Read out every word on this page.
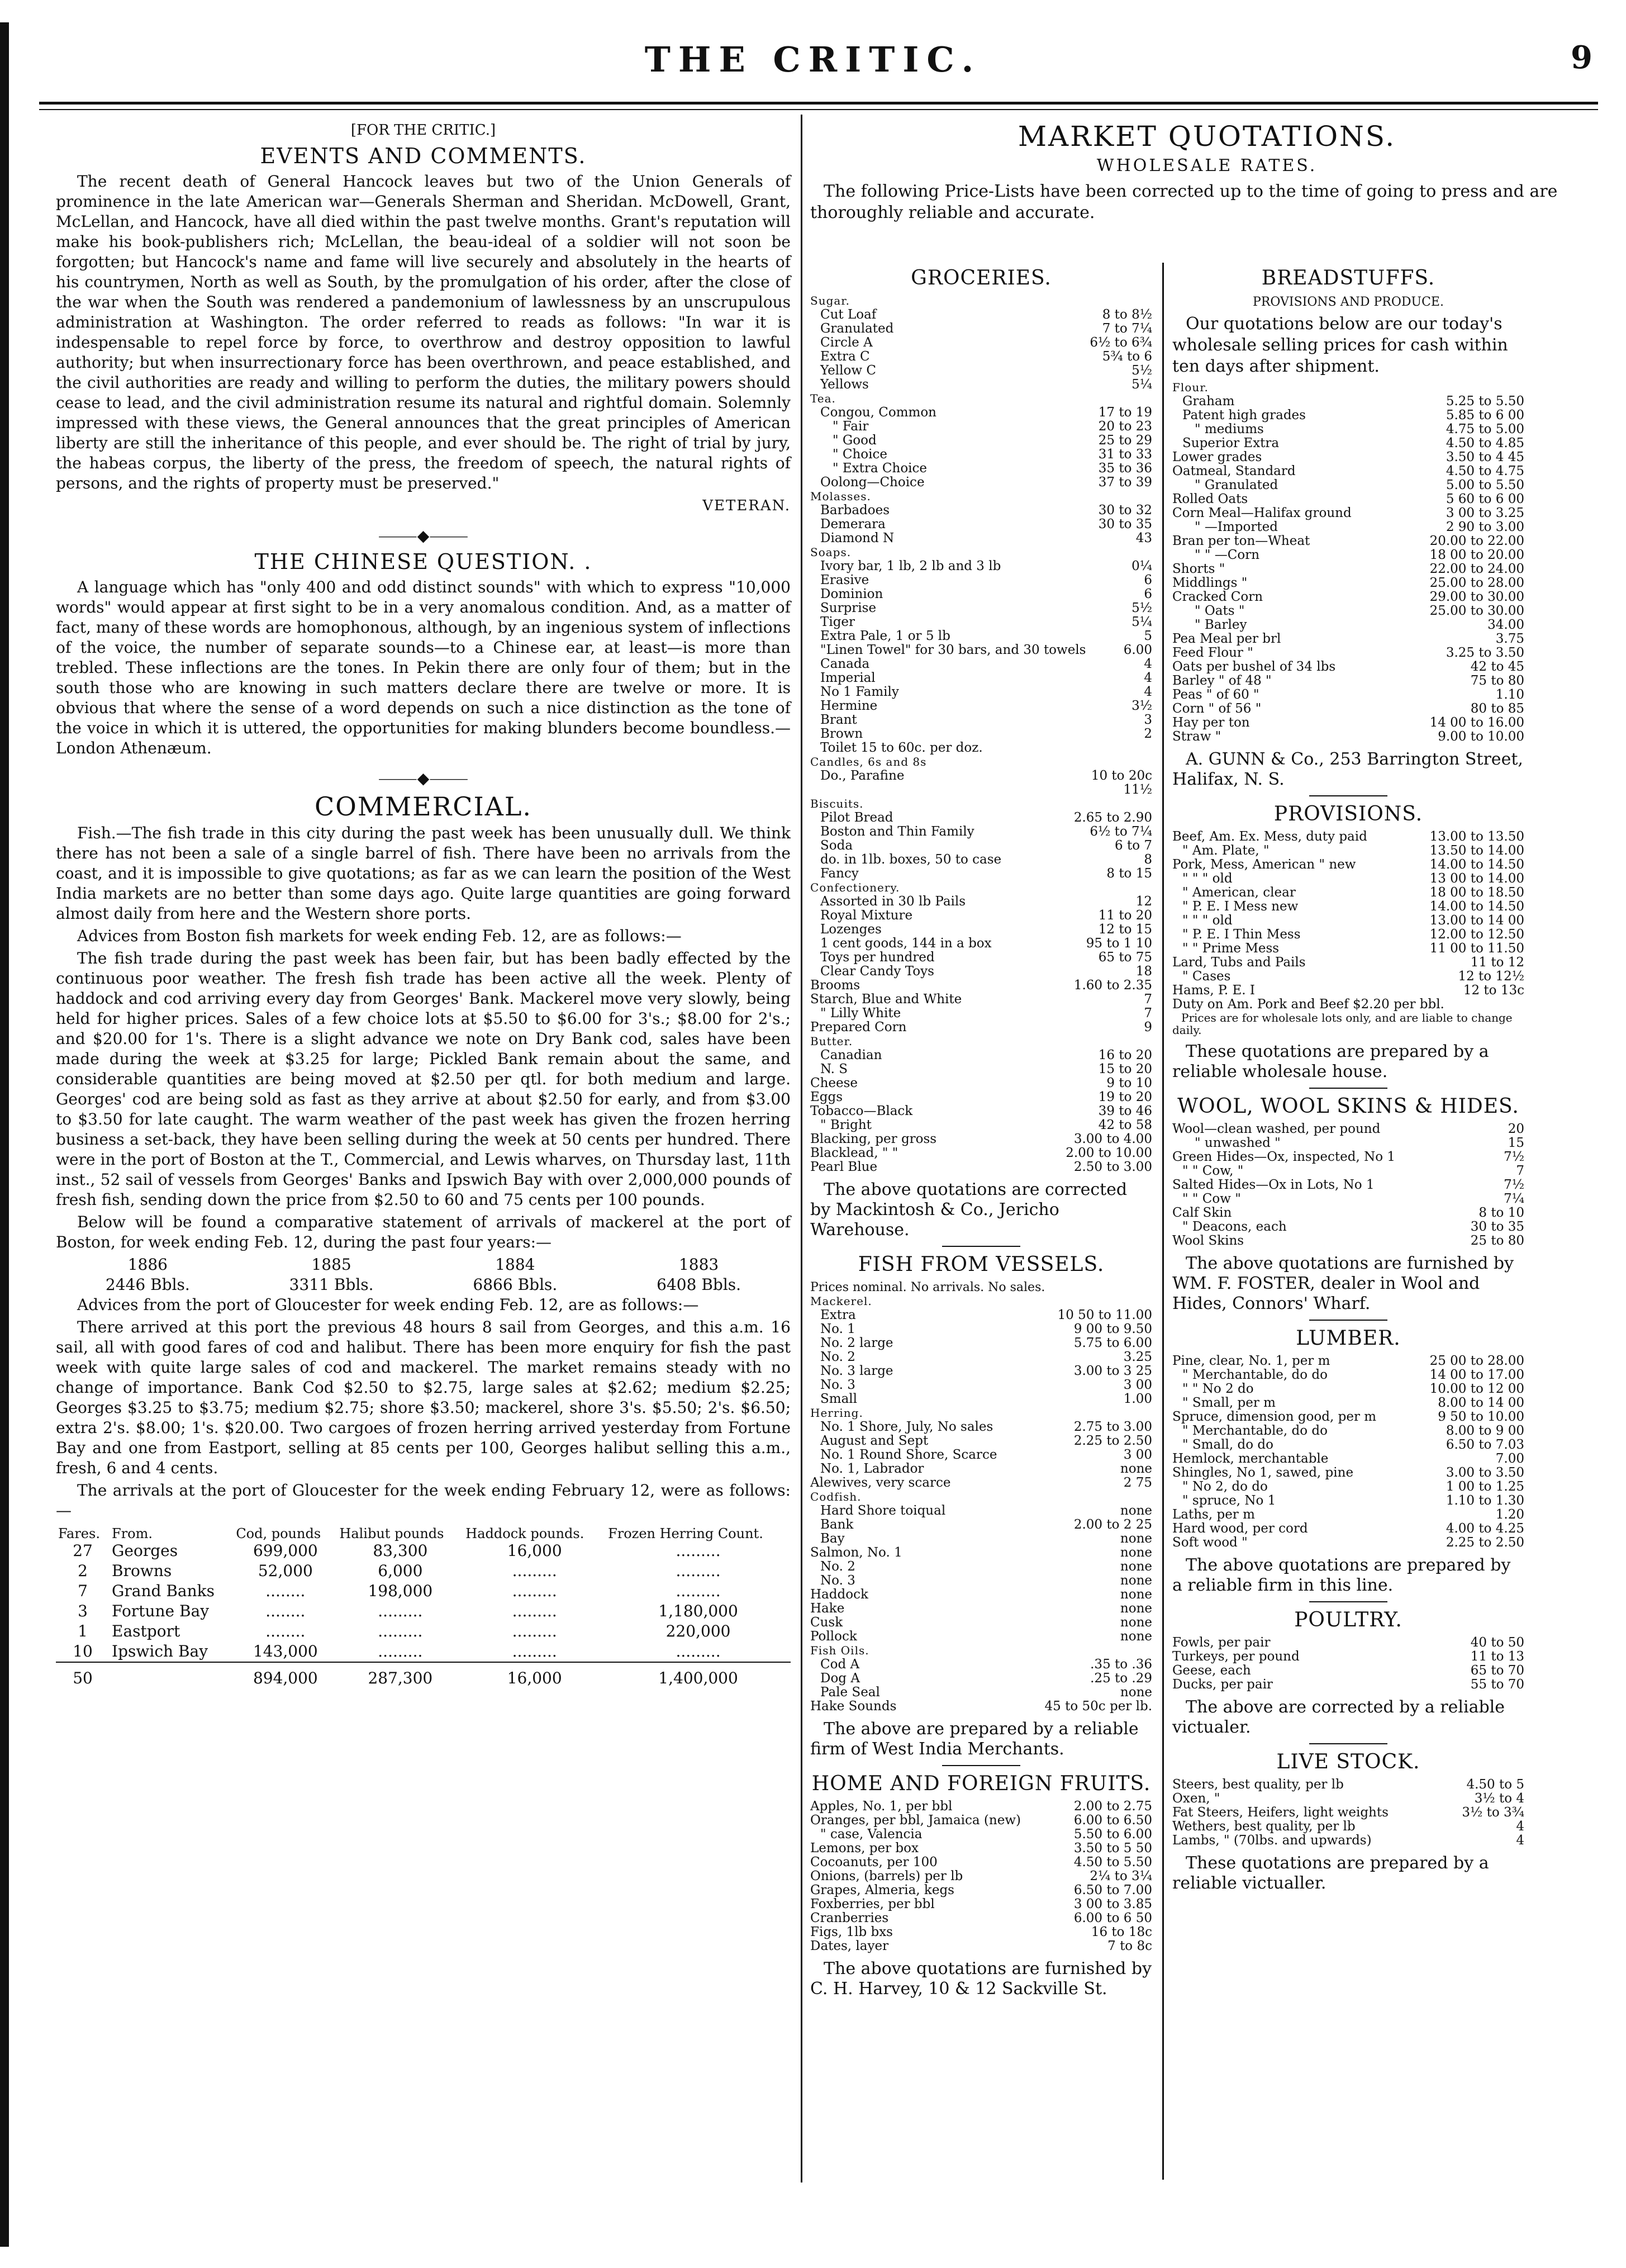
THE CRITIC.	9
[FOR THE CRITIC.]
EVENTS AND COMMENTS.

The recent death of General Hancock leaves but two of the Union Generals of prominence in the late American war—Generals Sherman and Sheridan. McDowell, Grant, McLellan, and Hancock, have all died within the past twelve months. Grant's reputation will make his book-publishers rich; McLellan, the beau-ideal of a soldier will not soon be forgotten; but Hancock's name and fame will live securely and absolutely in the hearts of his countrymen, North as well as South, by the promulgation of his order, after the close of the war when the South was rendered a pandemonium of lawlessness by an unscrupulous administration at Washington. The order referred to reads as follows: "In war it is indespensable to repel force by force, to overthrow and destroy opposition to lawful authority; but when insurrectionary force has been overthrown, and peace established, and the civil authorities are ready and willing to perform the duties, the military powers should cease to lead, and the civil administration resume its natural and rightful domain. Solemnly impressed with these views, the General announces that the great principles of American liberty are still the inheritance of this people, and ever should be. The right of trial by jury, the habeas corpus, the liberty of the press, the freedom of speech, the natural rights of persons, and the rights of property must be preserved."

VETERAN.
⸻◆⸻
THE CHINESE QUESTION. .

A language which has "only 400 and odd distinct sounds" with which to express "10,000 words" would appear at first sight to be in a very anomalous condition. And, as a matter of fact, many of these words are homophonous, although, by an ingenious system of inflections of the voice, the number of separate sounds—to a Chinese ear, at least—is more than trebled. These inflections are the tones. In Pekin there are only four of them; but in the south those who are knowing in such matters declare there are twelve or more. It is obvious that where the sense of a word depends on such a nice distinction as the tone of the voice in which it is uttered, the opportunities for making blunders become boundless.—London Athenæum.

⸻◆⸻
COMMERCIAL.

Fish.—The fish trade in this city during the past week has been unusually dull. We think there has not been a sale of a single barrel of fish. There have been no arrivals from the coast, and it is impossible to give quotations; as far as we can learn the position of the West India markets are no better than some days ago. Quite large quantities are going forward almost daily from here and the Western shore ports.

Advices from Boston fish markets for week ending Feb. 12, are as follows:—

The fish trade during the past week has been fair, but has been badly effected by the continuous poor weather. The fresh fish trade has been active all the week. Plenty of haddock and cod arriving every day from Georges' Bank. Mackerel move very slowly, being held for higher prices. Sales of a few choice lots at $5.50 to $6.00 for 3's.; $8.00 for 2's.; and $20.00 for 1's. There is a slight advance we note on Dry Bank cod, sales have been made during the week at $3.25 for large; Pickled Bank remain about the same, and considerable quantities are being moved at $2.50 per qtl. for both medium and large. Georges' cod are being sold as fast as they arrive at about $2.50 for early, and from $3.00 to $3.50 for late caught. The warm weather of the past week has given the frozen herring business a set-back, they have been selling during the week at 50 cents per hundred. There were in the port of Boston at the T., Commercial, and Lewis wharves, on Thursday last, 11th inst., 52 sail of vessels from Georges' Banks and Ipswich Bay with over 2,000,000 pounds of fresh fish, sending down the price from $2.50 to 60 and 75 cents per 100 pounds.

Below will be found a comparative statement of arrivals of mackerel at the port of Boston, for week ending Feb. 12, during the past four years:—

1886	1885	1884	1883
2446 Bbls.	3311 Bbls.	6866 Bbls.	6408 Bbls.

Advices from the port of Gloucester for week ending Feb. 12, are as follows:—

There arrived at this port the previous 48 hours 8 sail from Georges, and this a.m. 16 sail, all with good fares of cod and halibut. There has been more enquiry for fish the past week with quite large sales of cod and mackerel. The market remains steady with no change of importance. Bank Cod $2.50 to $2.75, large sales at $2.62; medium $2.25; Georges $3.25 to $3.75; medium $2.75; shore $3.50; mackerel, shore 3's. $5.50; 2's. $6.50; extra 2's. $8.00; 1's. $20.00. Two cargoes of frozen herring arrived yesterday from Fortune Bay and one from Eastport, selling at 85 cents per 100, Georges halibut selling this a.m., fresh, 6 and 4 cents.

The arrivals at the port of Gloucester for the week ending February 12, were as follows:—

Fares.	From.	Cod, pounds	Halibut pounds	Haddock pounds.	Frozen Herring Count.
27	Georges	699,000	83,300	16,000	.........
2	Browns	52,000	6,000	.........	.........
7	Grand Banks	........	198,000	.........	.........
3	Fortune Bay	........	.........	.........	1,180,000
1	Eastport	........	.........	.........	220,000
10	Ipswich Bay	143,000	.........	.........	.........
50		894,000	287,300	16,000	1,400,000
MARKET QUOTATIONS.
WHOLESALE RATES.
The following Price-Lists have been corrected up to the time of going to press and are thoroughly reliable and accurate.
GROCERIES.
Sugar.
Cut Loaf	8 to 8½
Granulated	7 to 7¼
Circle A	6½ to 6¾
Extra C	5¾ to 6
Yellow C	5½
Yellows	5¼
Tea.
Congou, Common	17 to 19
" Fair	20 to 23
" Good	25 to 29
" Choice	31 to 33
" Extra Choice	35 to 36
Oolong—Choice	37 to 39
Molasses.
Barbadoes	30 to 32
Demerara	30 to 35
Diamond N	43
Soaps.
Ivory bar, 1 lb, 2 lb and 3 lb	0¼
Erasive	6
Dominion	6
Surprise	5½
Tiger	5¼
Extra Pale, 1 or 5 lb	5
"Linen Towel" for 30 bars, and 30 towels	6.00
Canada	4
Imperial	4
No 1 Family	4
Hermine	3½
Brant	3
Brown	2
Toilet 15 to 60c. per doz.
Candles, 6s and 8s
Do., Parafine	10 to 20c
11½
Biscuits.
Pilot Bread	2.65 to 2.90
Boston and Thin Family	6½ to 7¼
Soda	6 to 7
do. in 1lb. boxes, 50 to case	8
Fancy	8 to 15
Confectionery.
Assorted in 30 lb Pails	12
Royal Mixture	11 to 20
Lozenges	12 to 15
1 cent goods, 144 in a box	95 to 1 10
Toys per hundred	65 to 75
Clear Candy Toys	18
Brooms	1.60 to 2.35
Starch, Blue and White	7
" Lilly White	7
Prepared Corn	9
Butter.
Canadian	16 to 20
N. S	15 to 20
Cheese	9 to 10
Eggs	19 to 20
Tobacco—Black	39 to 46
" Bright	42 to 58
Blacking, per gross	3.00 to 4.00
Blacklead, " "	2.00 to 10.00
Pearl Blue	2.50 to 3.00
The above quotations are corrected by Mackintosh & Co., Jericho Warehouse.
FISH FROM VESSELS.
Prices nominal. No arrivals. No sales.
Mackerel.
Extra	10 50 to 11.00
No. 1	9 00 to 9.50
No. 2 large	5.75 to 6.00
No. 2	3.25
No. 3 large	3.00 to 3 25
No. 3	3 00
Small	1.00
Herring.
No. 1 Shore, July, No sales	2.75 to 3.00
August and Sept	2.25 to 2.50
No. 1 Round Shore, Scarce	3 00
No. 1, Labrador	none
Alewives, very scarce	2 75
Codfish.
Hard Shore toiqual	none
Bank	2.00 to 2 25
Bay	none
Salmon, No. 1	none
No. 2	none
No. 3	none
Haddock	none
Hake	none
Cusk	none
Pollock	none
Fish Oils.
Cod A	.35 to .36
Dog A	.25 to .29
Pale Seal	none
Hake Sounds	45 to 50c per lb.
The above are prepared by a reliable firm of West India Merchants.
HOME AND FOREIGN FRUITS.
Apples, No. 1, per bbl	2.00 to 2.75
Oranges, per bbl, Jamaica (new)	6.00 to 6.50
" case, Valencia	5.50 to 6.00
Lemons, per box	3.50 to 5 50
Cocoanuts, per 100	4.50 to 5.50
Onions, (barrels) per lb	2¼ to 3¼
Grapes, Almeria, kegs	6.50 to 7.00
Foxberries, per bbl	3 00 to 3.85
Cranberries	6.00 to 6 50
Figs, 1lb bxs	16 to 18c
Dates, layer	7 to 8c
The above quotations are furnished by C. H. Harvey, 10 & 12 Sackville St.
BREADSTUFFS.
PROVISIONS AND PRODUCE.
Our quotations below are our today's wholesale selling prices for cash within ten days after shipment.
Flour.
Graham	5.25 to 5.50
Patent high grades	5.85 to 6 00
" mediums	4.75 to 5.00
Superior Extra	4.50 to 4.85
Lower grades	3.50 to 4 45
Oatmeal, Standard	4.50 to 4.75
" Granulated	5.00 to 5.50
Rolled Oats	5 60 to 6 00
Corn Meal—Halifax ground	3 00 to 3.25
" —Imported	2 90 to 3.00
Bran per ton—Wheat	20.00 to 22.00
" " —Corn	18 00 to 20.00
Shorts "	22.00 to 24.00
Middlings "	25.00 to 28.00
Cracked Corn	29.00 to 30.00
" Oats "	25.00 to 30.00
" Barley	34.00
Pea Meal per brl	3.75
Feed Flour "	3.25 to 3.50
Oats per bushel of 34 lbs	42 to 45
Barley " of 48 "	75 to 80
Peas " of 60 "	1.10
Corn " of 56 "	80 to 85
Hay per ton	14 00 to 16.00
Straw "	9.00 to 10.00
A. GUNN & Co., 253 Barrington Street, Halifax, N. S.
PROVISIONS.
Beef, Am. Ex. Mess, duty paid	13.00 to 13.50
" Am. Plate, "	13.50 to 14.00
Pork, Mess, American " new	14.00 to 14.50
" " " old	13 00 to 14.00
" American, clear	18 00 to 18.50
" P. E. I Mess new	14.00 to 14.50
" " " old	13.00 to 14 00
" P. E. I Thin Mess	12.00 to 12.50
" " Prime Mess	11 00 to 11.50
Lard, Tubs and Pails	11 to 12
" Cases	12 to 12½
Hams, P. E. I	12 to 13c
Duty on Am. Pork and Beef $2.20 per bbl.
Prices are for wholesale lots only, and are liable to change daily.
These quotations are prepared by a reliable wholesale house.
WOOL, WOOL SKINS & HIDES.
Wool—clean washed, per pound	20
" unwashed "	15
Green Hides—Ox, inspected, No 1	7½
" " Cow, "	7
Salted Hides—Ox in Lots, No 1	7½
" " Cow "	7¼
Calf Skin	8 to 10
" Deacons, each	30 to 35
Wool Skins	25 to 80
The above quotations are furnished by WM. F. FOSTER, dealer in Wool and Hides, Connors' Wharf.
LUMBER.
Pine, clear, No. 1, per m	25 00 to 28.00
" Merchantable, do do	14 00 to 17.00
" " No 2 do	10.00 to 12 00
" Small, per m	8.00 to 14 00
Spruce, dimension good, per m	9 50 to 10.00
" Merchantable, do do	8.00 to 9 00
" Small, do do	6.50 to 7.03
Hemlock, merchantable	7.00
Shingles, No 1, sawed, pine	3.00 to 3.50
" No 2, do do	1 00 to 1.25
" spruce, No 1	1.10 to 1.30
Laths, per m	1.20
Hard wood, per cord	4.00 to 4.25
Soft wood "	2.25 to 2.50
The above quotations are prepared by a reliable firm in this line.
POULTRY.
Fowls, per pair	40 to 50
Turkeys, per pound	11 to 13
Geese, each	65 to 70
Ducks, per pair	55 to 70
The above are corrected by a reliable victualer.
LIVE STOCK.
Steers, best quality, per lb	4.50 to 5
Oxen, "	3½ to 4
Fat Steers, Heifers, light weights	3½ to 3¾
Wethers, best quality, per lb	4
Lambs, " (70lbs. and upwards)	4
These quotations are prepared by a reliable victualler.
